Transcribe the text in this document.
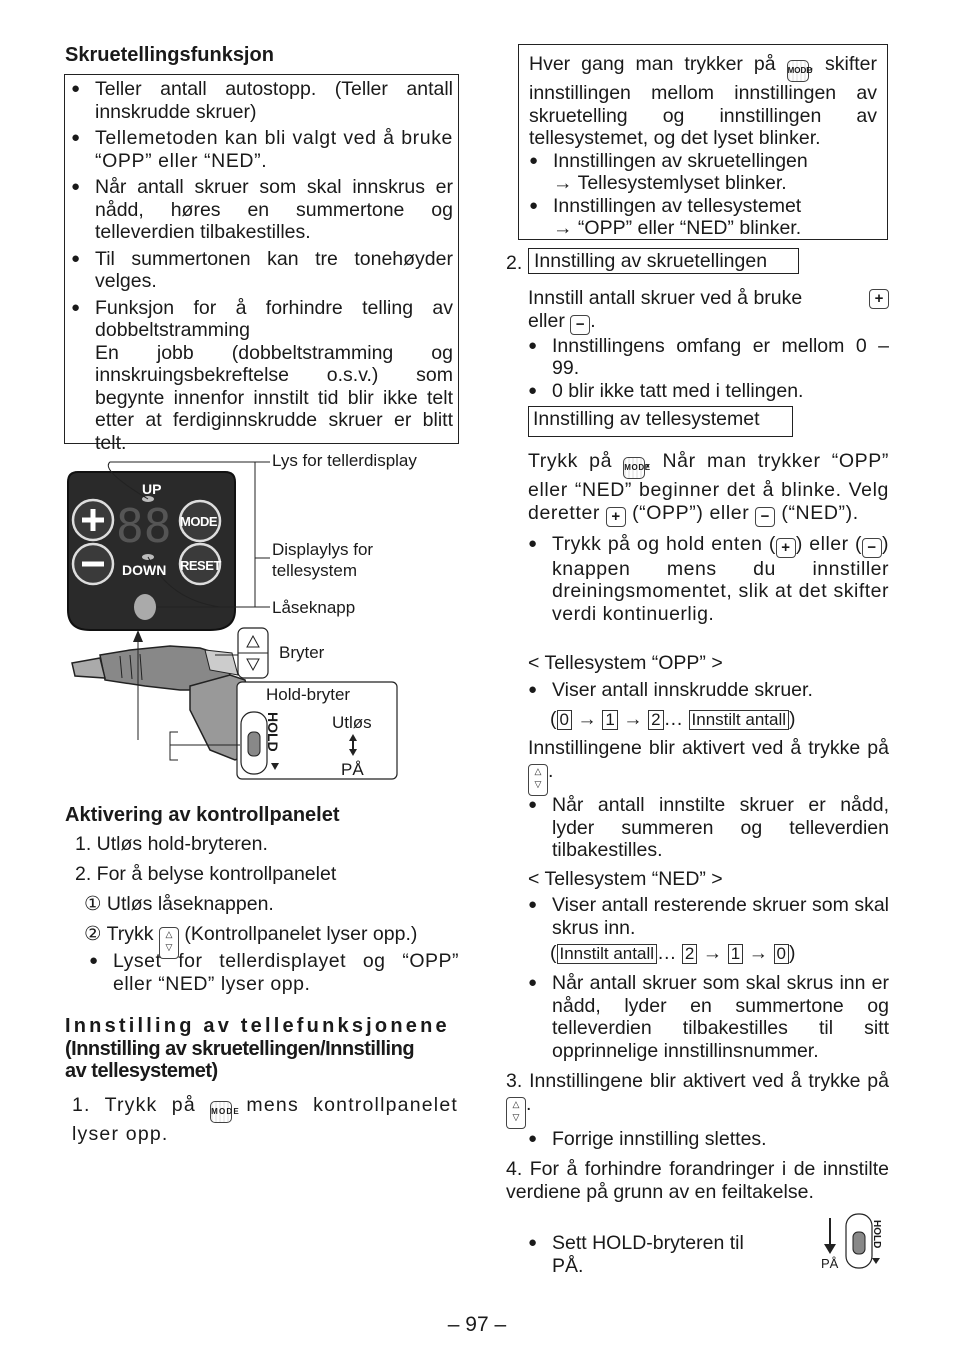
Skruetellingsfunksjon

● Teller antall autostopp. (Teller antall innskrudde skruer)

● Tellemetoden kan bli valgt ved å bruke “OPP” eller “NED”.

● Når antall skruer som skal innskrus er nådd, høres en summertone og telleverdien tilbakestilles.

● Til summertonen kan tre tonehøyder velges.

● Funksjon for å forhindre telling av dobbeltstramming

En jobb (dobbeltstramming og innskruingsbekreftelse o.s.v.) som begynte innenfor innstilt tid blir ikke telt etter at ferdiginnskrudde skruer er blitt telt.

UP
DOWN
MODE
RESET
88
Lys for tellerdisplay
Displaylys for
tellesystem
Låseknapp
Bryter
Hold-bryter
Utløs
PÅ
HOLD
Aktivering av kontrollpanelet
1. Utløs hold-bryteren.
2. For å belyse kontrollpanelet
① Utløs låseknappen.
② Trykk △
▽ (Kontrollpanelet lyser opp.)

● Lyset for tellerdisplayet og “OPP” eller “NED” lyser opp.

Innstilling av tellefunksjonene

(Innstilling av skruetellingen/Innstilling

av tellesystemet)

1. Trykk på MODE mens kontrollpanelet lyser opp.

Hver gang man trykker på MODE, skifter innstillingen mellom innstillingen av skruetelling og innstillingen av tellesystemet, og det lyset blinker.

● Innstillingen av skruetellingen

→ Tellesystemlyset blinker.

● Innstillingen av tellesystemet

→ “OPP” eller “NED” blinker.

2. Innstilling av skruetellingen

Innstill antall skruer ved å bruke	+

eller − .

● Innstillingens omfang er mellom 0 – 99.

● 0 blir ikke tatt med i tellingen.

Innstilling av tellesystemet

Trykk på MODE. Når man trykker “OPP” eller “NED” beginner det å blinke. Velg deretter + (“OPP”) eller − (“NED”).

● Trykk på og hold enten ( + ) eller ( − ) knappen mens du innstiller dreiningsmomentet, slik at det skifter verdi kontinuerlig.

< Tellesystem “OPP” >

● Viser antall innskrudde skruer.

( 0 → 1 → 2 … Innstilt antall )
Innstillingene blir aktivert ved å trykke på △
▽.

● Når antall innstilte skruer er nådd, lyder summeren og telleverdien tilbakestilles.

< Tellesystem “NED” >

● Viser antall resterende skruer som skal skrus inn.

( Innstilt antall … 2 → 1 → 0 )

● Når antall skruer som skal skrus inn er nådd, lyder en summertone og telleverdien tilbakestilles til sitt opprinnelige innstillinsnummer.

3. Innstillingene blir aktivert ved å trykke på △
▽.

● Forrige innstilling slettes.

4. For å forhindre forandringer i de innstilte verdiene på grunn av en feiltakelse.

● Sett HOLD-bryteren til PÅ.	PÅ
HOLD
– 97 –
